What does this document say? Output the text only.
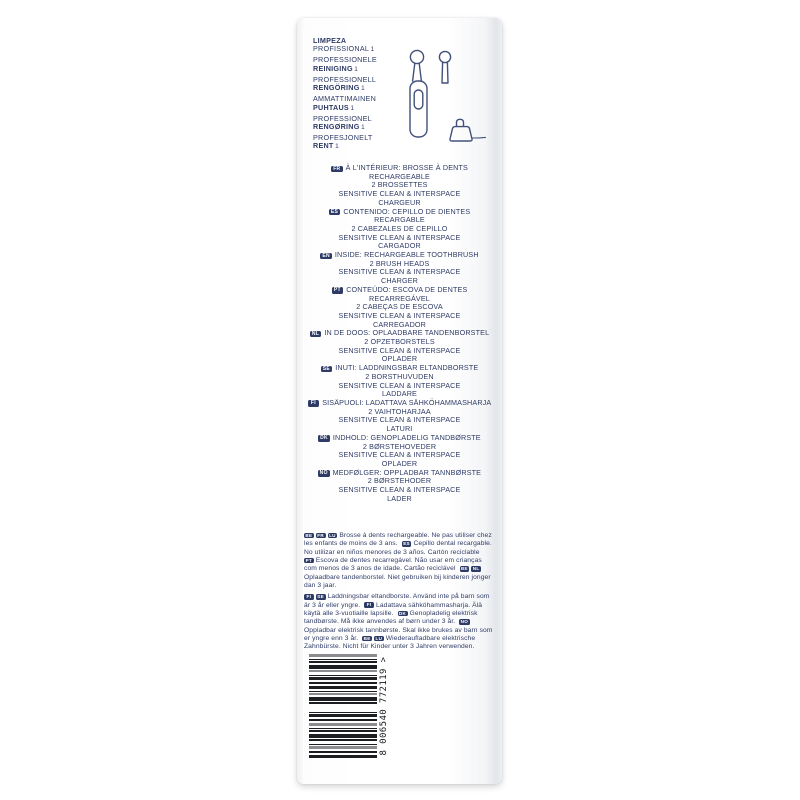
LIMPEZA
PROFISSIONAL 1
PROFESSIONELE
REINIGING 1
PROFESSIONELL
RENGÖRING 1
AMMATTIMAINEN
PUHTAUS 1
PROFESSIONEL
RENGØRING 1
PROFESJONELT
RENT 1
FR À L'INTÉRIEUR: BROSSE À DENTS
RECHARGEABLE
2 BROSSETTES
SENSITIVE CLEAN & INTERSPACE
CHARGEUR
ES CONTENIDO: CEPILLO DE DIENTES
RECARGABLE
2 CABEZALES DE CEPILLO
SENSITIVE CLEAN & INTERSPACE
CARGADOR
EN INSIDE: RECHARGEABLE TOOTHBRUSH
2 BRUSH HEADS
SENSITIVE CLEAN & INTERSPACE
CHARGER
PT CONTEÚDO: ESCOVA DE DENTES
RECARREGÁVEL
2 CABEÇAS DE ESCOVA
SENSITIVE CLEAN & INTERSPACE
CARREGADOR
NL IN DE DOOS: OPLAADBARE TANDENBORSTEL
2 OPZETBORSTELS
SENSITIVE CLEAN & INTERSPACE
OPLADER
SE INUTI: LADDNINGSBAR ELTANDBORSTE
2 BORSTHUVUDEN
SENSITIVE CLEAN & INTERSPACE
LADDARE
FI SISÄPUOLI: LADATTAVA SÄHKÖHAMMASHARJA
2 VAIHTOHARJAA
SENSITIVE CLEAN & INTERSPACE
LATURI
DK INDHOLD: GENOPLADELIG TANDBØRSTE
2 BØRSTEHOVEDER
SENSITIVE CLEAN & INTERSPACE
OPLADER
NO MEDFØLGER: OPPLADBAR TANNBØRSTE
2 BØRSTEHODER
SENSITIVE CLEAN & INTERSPACE
LADER
BE FR LU Brosse à dents rechargeable. Ne pas utiliser chez les enfants de moins de 3 ans. ES Cepillo dental recargable. No utilizar en niños menores de 3 años. Cartón reciclable PT Escova de dentes recarregável. Não usar em crianças com menos de 3 anos de idade. Cartão reciclável BE NLOplaadbare tandenborstel. Niet gebruiken bij kinderen jonger dan 3 jaar.
FI SE Laddningsbar eltandborste. Använd inte på barn som är 3 år eller yngre. FI Ladattava sähköhammasharja. Älä käytä alle 3-vuotiaille lapsille. DK Genopladelig elektrisk tandbørste. Må ikke anvendes af børn under 3 år. NOOppladbar elektrisk tannbørste. Skal ikke brukes av barn som er yngre enn 3 år. BE LU Wiederaufladbare elektrische Zahnbürste. Nicht für Kinder unter 3 Jahren verwenden.
8 006540 772119 >
